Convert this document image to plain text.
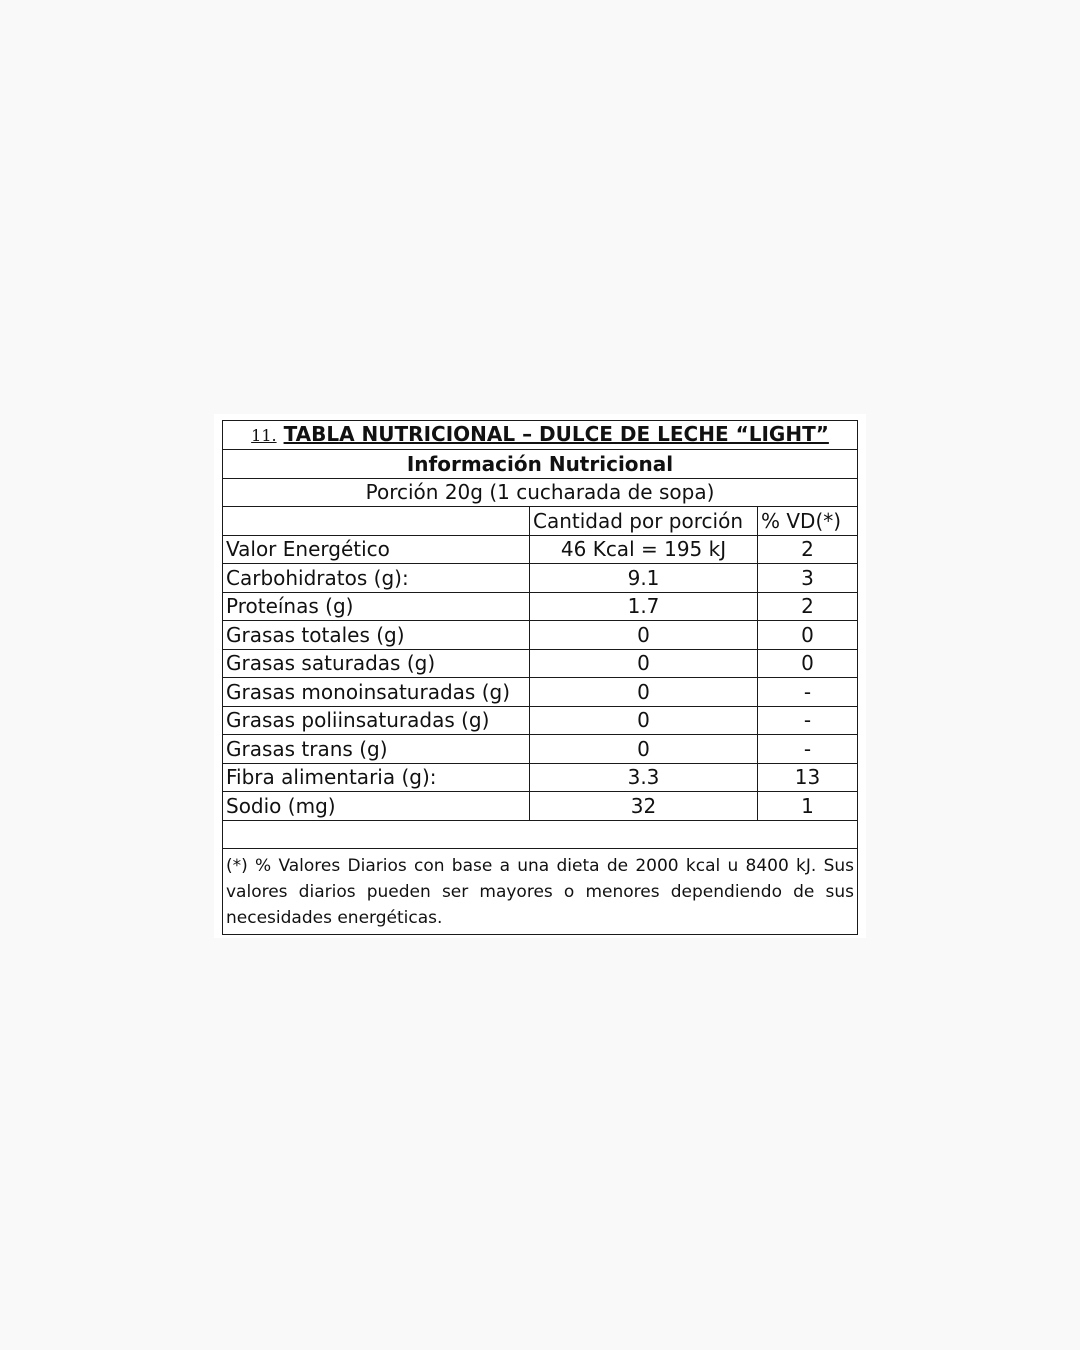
11. TABLA NUTRICIONAL – DULCE DE LECHE “LIGHT”		
Información Nutricional		
Porción 20g (1 cucharada de sopa)		
	Cantidad por porción	% VD(*)
Valor Energético	46 Kcal = 195 kJ	2
Carbohidratos (g):	9.1	3
Proteínas (g)	1.7	2
Grasas totales (g)	0	0
Grasas saturadas (g)	0	0
Grasas monoinsaturadas (g)	0	-
Grasas poliinsaturadas (g)	0	-
Grasas trans (g)	0	-
Fibra alimentaria (g):	3.3	13
Sodio (mg)	32	1

(*) % Valores Diarios con base a una dieta de 2000 kcal u 8400 kJ. Sus valores diarios pueden ser mayores o menores dependiendo de sus necesidades energéticas.		
